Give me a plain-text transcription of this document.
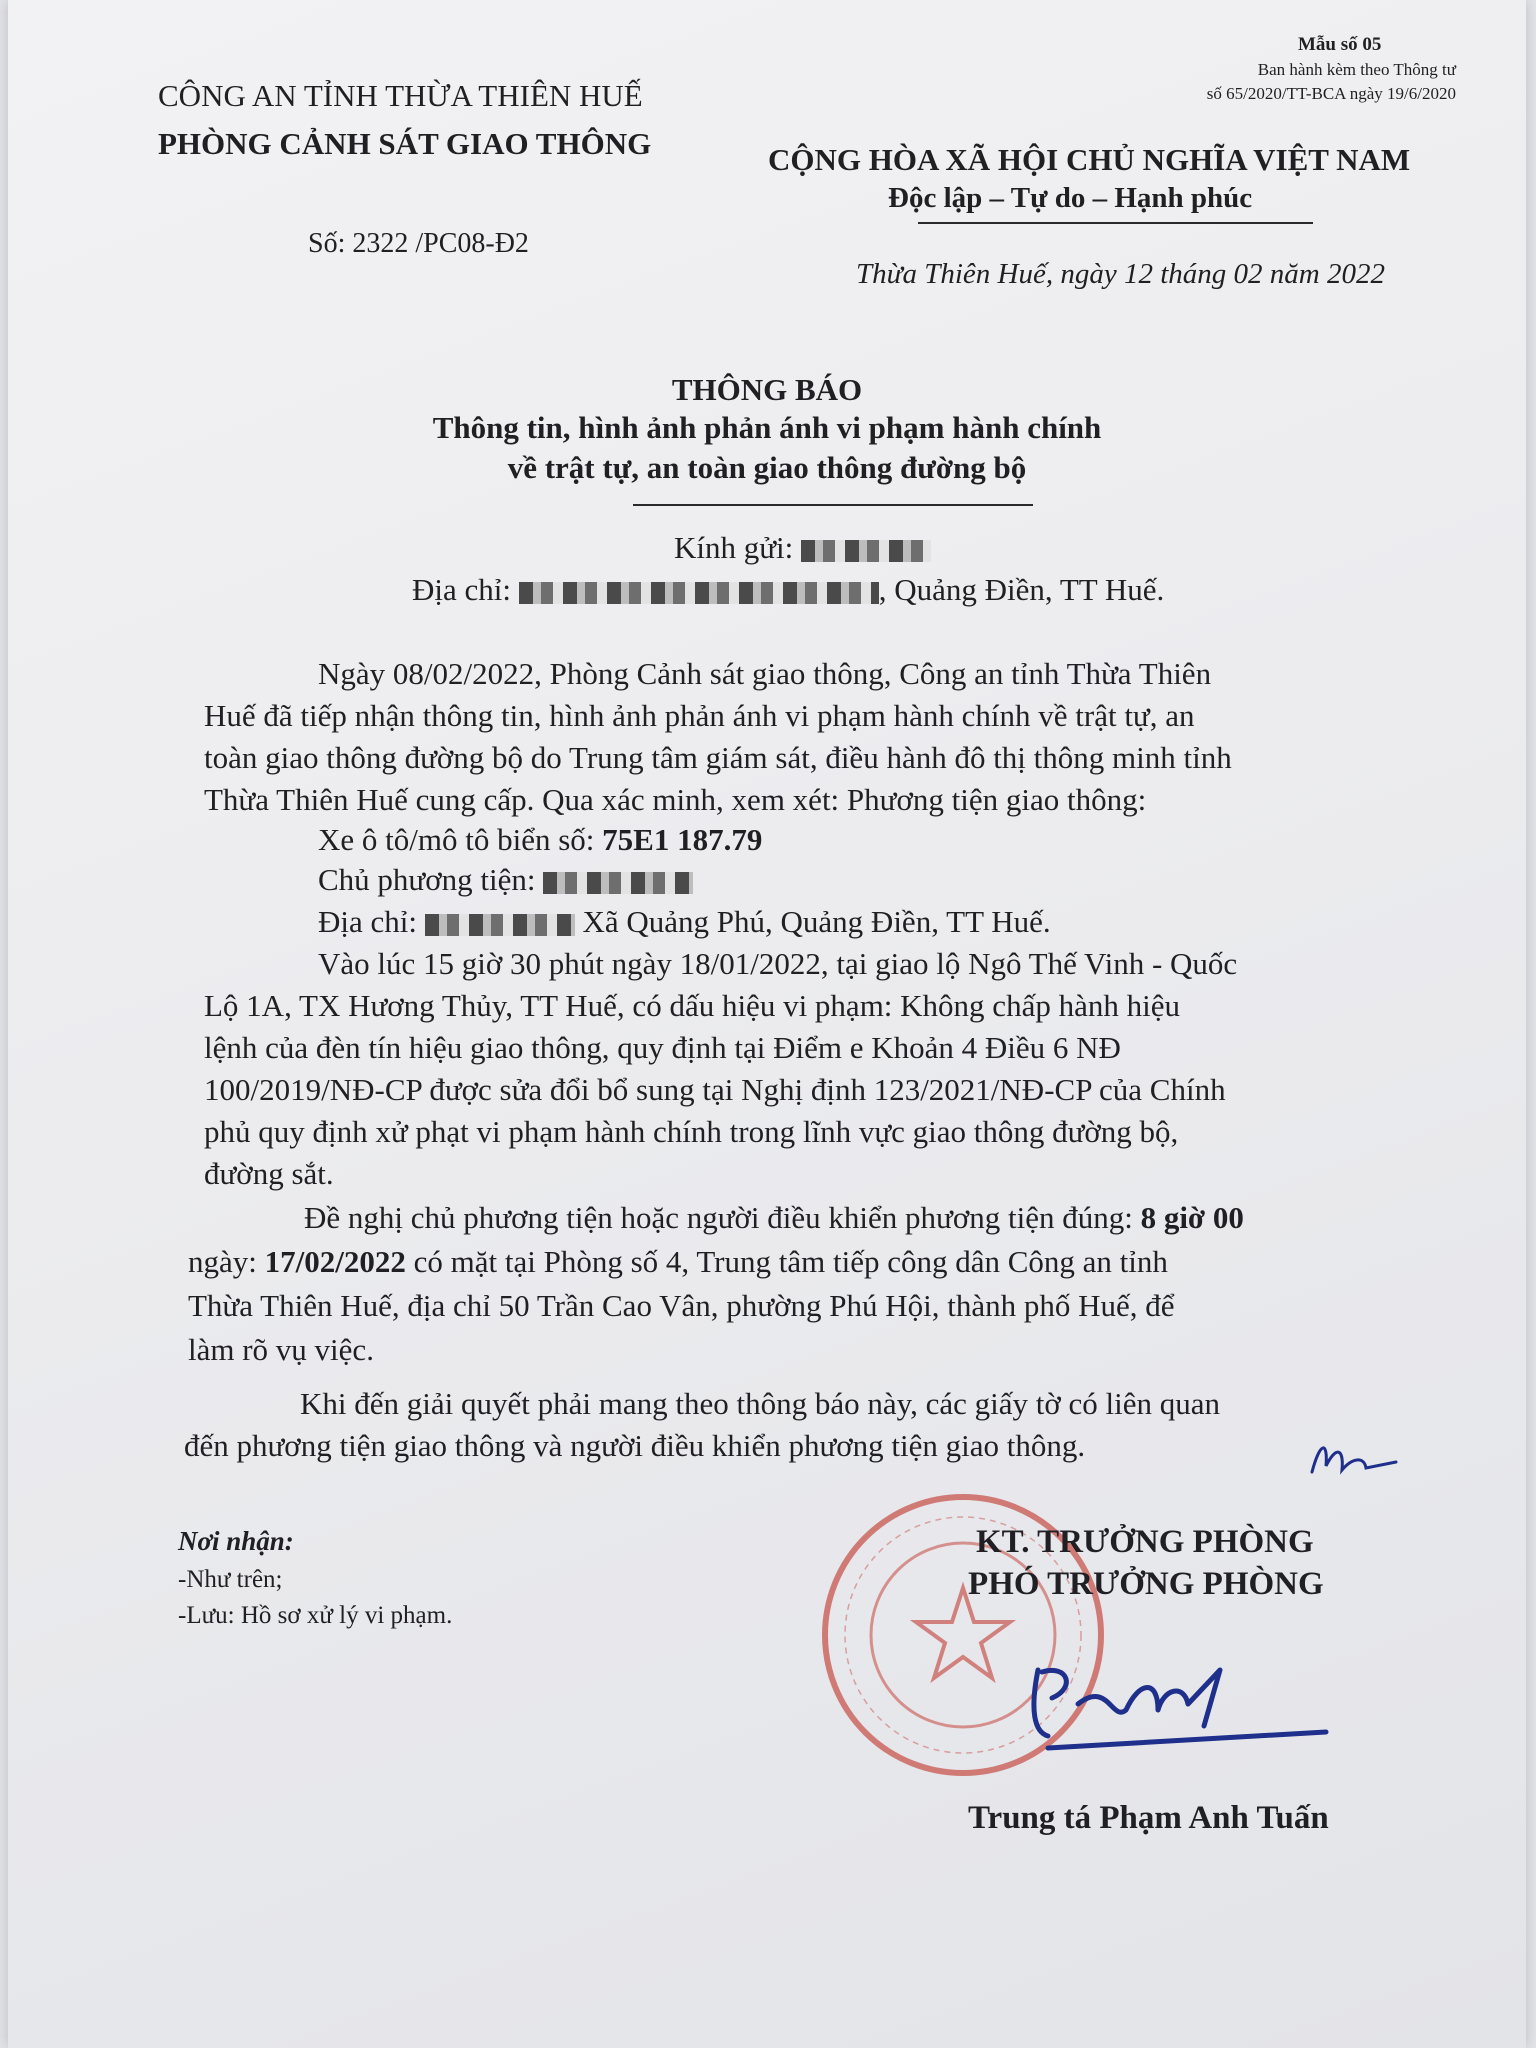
Mẫu số 05
Ban hành kèm theo Thông tư
số 65/2020/TT-BCA ngày 19/6/2020
CÔNG AN TỈNH THỪA THIÊN HUẾ
PHÒNG CẢNH SÁT GIAO THÔNG
Số: 2322 /PC08-Đ2
CỘNG HÒA XÃ HỘI CHỦ NGHĨA VIỆT NAM
Độc lập – Tự do – Hạnh phúc
Thừa Thiên Huế, ngày 12 tháng 02 năm 2022
THÔNG BÁO
Thông tin, hình ảnh phản ánh vi phạm hành chính
về trật tự, an toàn giao thông đường bộ
Kính gửi:
Địa chỉ:	, Quảng Điền, TT Huế.
Ngày 08/02/2022, Phòng Cảnh sát giao thông, Công an tỉnh Thừa Thiên
Huế đã tiếp nhận thông tin, hình ảnh phản ánh vi phạm hành chính về trật tự, an
toàn giao thông đường bộ do Trung tâm giám sát, điều hành đô thị thông minh tỉnh
Thừa Thiên Huế cung cấp. Qua xác minh, xem xét: Phương tiện giao thông:
Xe ô tô/mô tô biển số: 75E1 187.79
Chủ phương tiện:
Địa chỉ:	Xã Quảng Phú, Quảng Điền, TT Huế.
Vào lúc 15 giờ 30 phút ngày 18/01/2022, tại giao lộ Ngô Thế Vinh - Quốc
Lộ 1A, TX Hương Thủy, TT Huế, có dấu hiệu vi phạm: Không chấp hành hiệu
lệnh của đèn tín hiệu giao thông, quy định tại Điểm e Khoản 4 Điều 6 NĐ
100/2019/NĐ-CP được sửa đổi bổ sung tại Nghị định 123/2021/NĐ-CP của Chính
phủ quy định xử phạt vi phạm hành chính trong lĩnh vực giao thông đường bộ,
đường sắt.
Đề nghị chủ phương tiện hoặc người điều khiển phương tiện đúng: 8 giờ 00
ngày: 17/02/2022 có mặt tại Phòng số 4, Trung tâm tiếp công dân Công an tỉnh
Thừa Thiên Huế, địa chỉ 50 Trần Cao Vân, phường Phú Hội, thành phố Huế, để
làm rõ vụ việc.
Khi đến giải quyết phải mang theo thông báo này, các giấy tờ có liên quan
đến phương tiện giao thông và người điều khiển phương tiện giao thông.
Nơi nhận:
-Như trên;
-Lưu: Hồ sơ xử lý vi phạm.
KT. TRƯỞNG PHÒNG
PHÓ TRƯỞNG PHÒNG
Trung tá Phạm Anh Tuấn
